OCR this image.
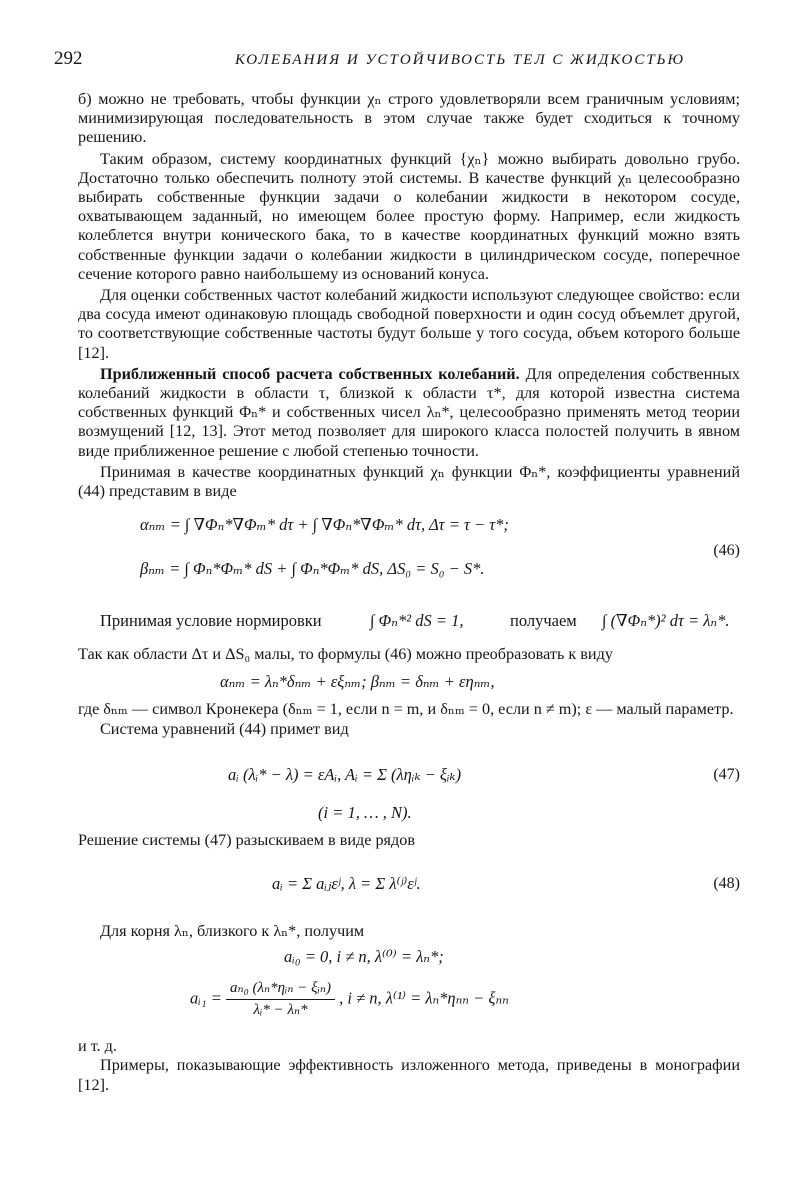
292	КОЛЕБАНИЯ И УСТОЙЧИВОСТЬ ТЕЛ С ЖИДКОСТЬЮ

б) можно не требовать, чтобы функции χₙ строго удовлетворяли всем граничным условиям; минимизирующая последовательность в этом случае также будет сходиться к точному решению.

Таким образом, систему координатных функций {χₙ} можно выбирать довольно грубо. Достаточно только обеспечить полноту этой системы. В качестве функций χₙ целесообразно выбирать собственные функции задачи о колебании жидкости в некотором сосуде, охватывающем заданный, но имеющем более простую форму. Например, если жидкость колеблется внутри конического бака, то в качестве координатных функций можно взять собственные функции задачи о колебании жидкости в цилиндрическом сосуде, поперечное сечение которого равно наибольшему из оснований конуса.

Для оценки собственных частот колебаний жидкости используют следующее свойство: если два сосуда имеют одинаковую площадь свободной поверхности и один сосуд объемлет другой, то соответствующие собственные частоты будут больше у того сосуда, объем которого больше [12].

Приближенный способ расчета собственных колебаний. Для определения собственных колебаний жидкости в области τ, близкой к области τ*, для которой известна система собственных функций Φₙ* и собственных чисел λₙ*, целесообразно применять метод теории возмущений [12, 13]. Этот метод позволяет для широкого класса полостей получить в явном виде приближенное решение с любой степенью точности.

Принимая в качестве координатных функций χₙ функции Φₙ*, коэффициенты уравнений (44) представим в виде

αₙₘ = ∫ ∇Φₙ*∇Φₘ* dτ + ∫ ∇Φₙ*∇Φₘ* dτ, Δτ = τ − τ*;
βₙₘ = ∫ Φₙ*Φₘ* dS + ∫ Φₙ*Φₘ* dS, ΔS₀ = S₀ − S*.
(46)
Принимая условие нормировки	∫ Φₙ*² dS = 1,	получаем ∫ (∇Φₙ*)² dτ = λₙ*.

Так как области Δτ и ΔS₀ малы, то формулы (46) можно преобразовать к виду

αₙₘ = λₙ*δₙₘ + εξₙₘ; βₙₘ = δₙₘ + εηₙₘ,

где δₙₘ — символ Кронекера (δₙₘ = 1, если n = m, и δₙₘ = 0, если n ≠ m); ε — малый параметр.

Система уравнений (44) примет вид

aᵢ (λᵢ* − λ) = εAᵢ, Aᵢ = Σ (ληᵢₖ − ξᵢₖ)
(i = 1, … , N).
(47)

Решение системы (47) разыскиваем в виде рядов

aᵢ = Σ aᵢⱼεʲ, λ = Σ λ⁽ʲ⁾εʲ.	(48)

Для корня λₙ, близкого к λₙ*, получим

aᵢ₀ = 0, i ≠ n, λ⁽⁰⁾ = λₙ*;
aᵢ₁ = $\frac{\text{aₙ₀ (λₙ*ηᵢₙ − ξᵢₙ)}}{\text{λᵢ* − λₙ*}}$ , i ≠ n, λ⁽¹⁾ = λₙ*ηₙₙ − ξₙₙ

и т. д.

Примеры, показывающие эффективность изложенного метода, приведены в монографии [12].
